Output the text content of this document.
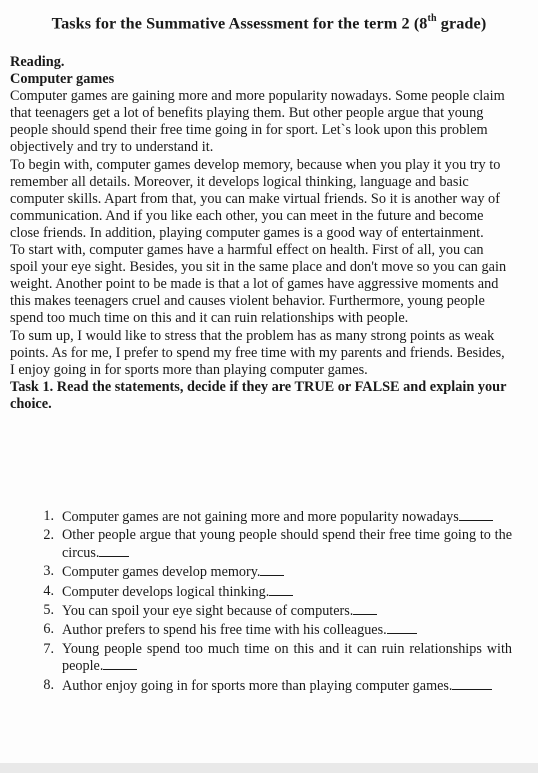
Tasks for the Summative Assessment for the term 2 (8th grade)

Reading.

Computer games

Computer games are gaining more and more popularity nowadays. Some people claim that teenagers get a lot of benefits playing them. But other people argue that young people should spend their free time going in for sport. Let`s look upon this problem objectively and try to understand it.

To begin with, computer games develop memory, because when you play it you try to remember all details. Moreover, it develops logical thinking, language and basic computer skills. Apart from that, you can make virtual friends. So it is another way of communication. And if you like each other, you can meet in the future and become close friends. In addition, playing computer games is a good way of entertainment.

To start with, computer games have a harmful effect on health. First of all, you can spoil your eye sight. Besides, you sit in the same place and don't move so you can gain weight. Another point to be made is that a lot of games have aggressive moments and this makes teenagers cruel and causes violent behavior. Furthermore, young people spend too much time on this and it can ruin relationships with people.

To sum up, I would like to stress that the problem has as many strong points as weak points. As for me, I prefer to spend my free time with my parents and friends. Besides, I enjoy going in for sports more than playing computer games.

Task 1. Read the statements, decide if they are TRUE or FALSE and explain your choice.

1. Computer games are not gaining more and more popularity nowadays
2. Other people argue that young people should spend their free time going to the circus.
3. Computer games develop memory.
4. Computer develops logical thinking.
5. You can spoil your eye sight because of computers.
6. Author prefers to spend his free time with his colleagues.
7. Young people spend too much time on this and it can ruin relationships with people.
8. Author enjoy going in for sports more than playing computer games.
